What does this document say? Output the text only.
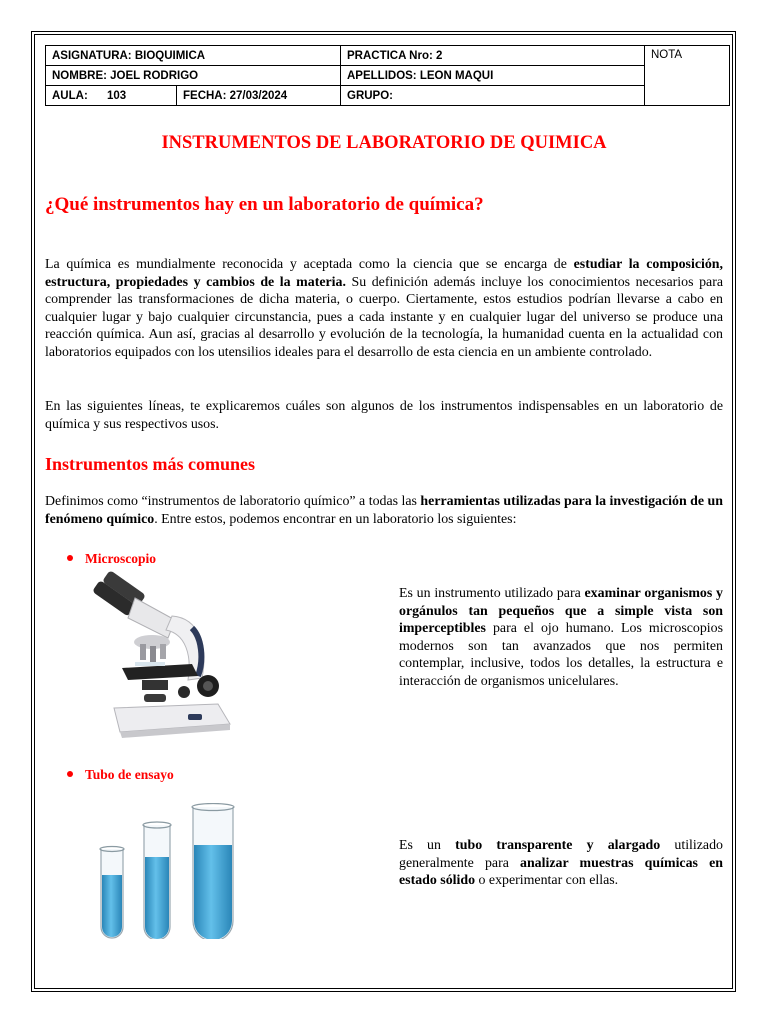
ASIGNATURA: BIOQUIMICA		PRACTICA Nro: 2	NOTA
NOMBRE: JOEL RODRIGO		APELLIDOS: LEON MAQUI	
AULA:      103	FECHA: 27/03/2024	GRUPO:	
INSTRUMENTOS DE LABORATORIO DE QUIMICA
¿Qué instrumentos hay en un laboratorio de química?

La química es mundialmente reconocida y aceptada como la ciencia que se encarga de estudiar la composición, estructura, propiedades y cambios de la materia. Su definición además incluye los conocimientos necesarios para comprender las transformaciones de dicha materia, o cuerpo. Ciertamente, estos estudios podrían llevarse a cabo en cualquier lugar y bajo cualquier circunstancia, pues a cada instante y en cualquier lugar del universo se produce una reacción química. Aun así, gracias al desarrollo y evolución de la tecnología, la humanidad cuenta en la actualidad con laboratorios equipados con los utensilios ideales para el desarrollo de esta ciencia en un ambiente controlado.

En las siguientes líneas, te explicaremos cuáles son algunos de los instrumentos indispensables en un laboratorio de química y sus respectivos usos.

Instrumentos más comunes

Definimos como “instrumentos de laboratorio químico” a todas las herramientas utilizadas para la investigación de un fenómeno químico. Entre estos, podemos encontrar en un laboratorio los siguientes:

Microscopio

Es un instrumento utilizado para examinar organismos y orgánulos tan pequeños que a simple vista son imperceptibles para el ojo humano. Los microscopios modernos son tan avanzados que nos permiten contemplar, inclusive, todos los detalles, la estructura e interacción de organismos unicelulares.

Tubo de ensayo

Es un tubo transparente y alargado utilizado generalmente para analizar muestras químicas en estado sólido o experimentar con ellas.
